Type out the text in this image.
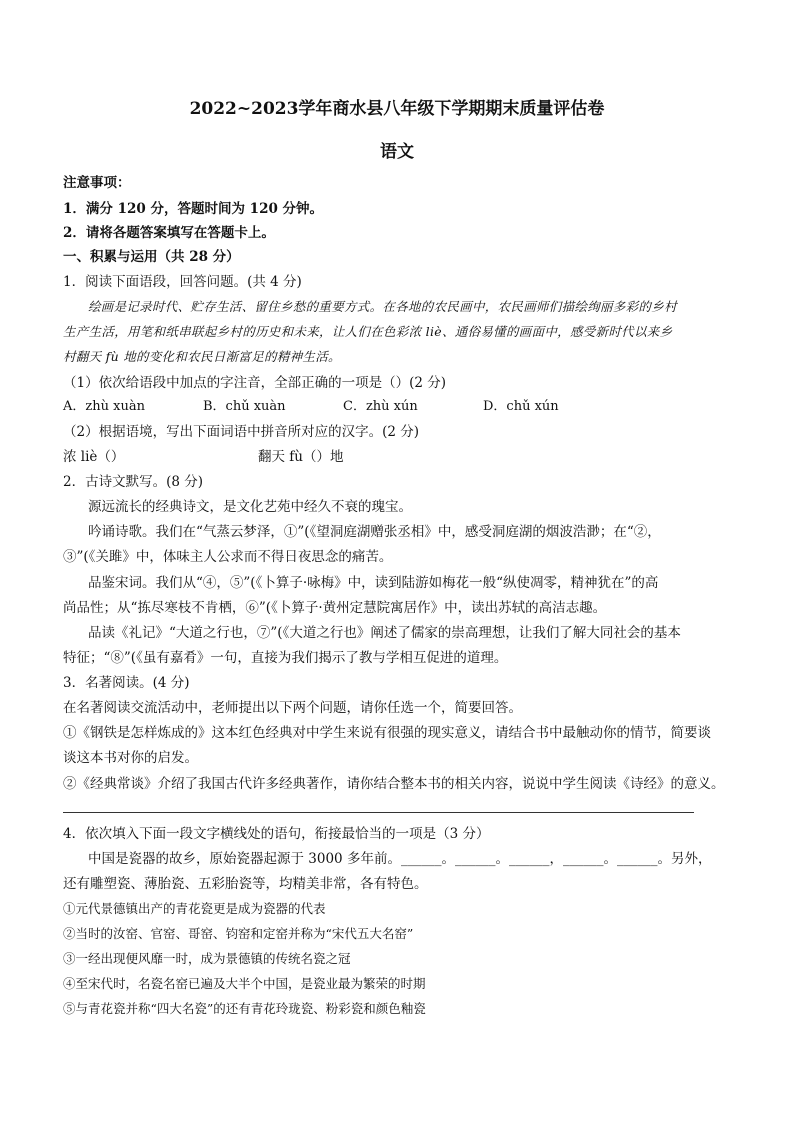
2022~2023学年商水县八年级下学期期末质量评估卷
语文
注意事项：
1．满分 120 分，答题时间为 120 分钟。
2．请将各题答案填写在答题卡上。
一、积累与运用（共 28 分）
1．阅读下面语段，回答问题。(共 4 分)
绘画是记录时代、贮存生活、留住乡愁的重要方式。在各地的农民画中，农民画师们描绘绚丽多彩的乡村
生产生活，用笔和纸串联起乡村的历史和未来，让人们在色彩浓 liè、通俗易懂的画面中，感受新时代以来乡
村翻天 fù 地的变化和农民日渐富足的精神生活。
（1）依次给语段中加点的字注音，全部正确的一项是（）(2 分)
A．zhù xuàn	B．chǔ xuàn	C．zhù xún	D．chǔ xún
（2）根据语境，写出下面词语中拼音所对应的汉字。(2 分)
浓 liè（）	翻天 fù（）地
2．古诗文默写。(8 分)
源远流长的经典诗文，是文化艺苑中经久不衰的瑰宝。
吟诵诗歌。我们在“气蒸云梦泽，①”(《望洞庭湖赠张丞相》中，感受洞庭湖的烟波浩渺；在“②，
③”(《关雎》中，体味主人公求而不得日夜思念的痛苦。
品鉴宋词。我们从“④，⑤”(《卜算子·咏梅》中，读到陆游如梅花一般“纵使凋零，精神犹在”的高
尚品性；从“拣尽寒枝不肯栖，⑥”(《卜算子·黄州定慧院寓居作》中，读出苏轼的高洁志趣。
品读《礼记》“大道之行也，⑦”(《大道之行也》阐述了儒家的崇高理想，让我们了解大同社会的基本
特征；“⑧”(《虽有嘉肴》一句，直接为我们揭示了教与学相互促进的道理。
3．名著阅读。(4 分)
在名著阅读交流活动中，老师提出以下两个问题，请你任选一个，简要回答。
①《钢铁是怎样炼成的》这本红色经典对中学生来说有很强的现实意义，请结合书中最触动你的情节，简要谈
谈这本书对你的启发。
②《经典常谈》介绍了我国古代许多经典著作，请你结合整本书的相关内容，说说中学生阅读《诗经》的意义。
4．依次填入下面一段文字横线处的语句，衔接最恰当的一项是（3 分）
中国是瓷器的故乡，原始瓷器起源于 3000 多年前。______。______。______，______。______。另外，
还有雕塑瓷、薄胎瓷、五彩胎瓷等，均精美非常，各有特色。
①元代景德镇出产的青花瓷更是成为瓷器的代表
②当时的汝窑、官窑、哥窑、钧窑和定窑并称为“宋代五大名窑”
③一经出现便风靡一时，成为景德镇的传统名瓷之冠
④至宋代时，名瓷名窑已遍及大半个中国，是瓷业最为繁荣的时期
⑤与青花瓷并称“四大名瓷”的还有青花玲珑瓷、粉彩瓷和颜色釉瓷
